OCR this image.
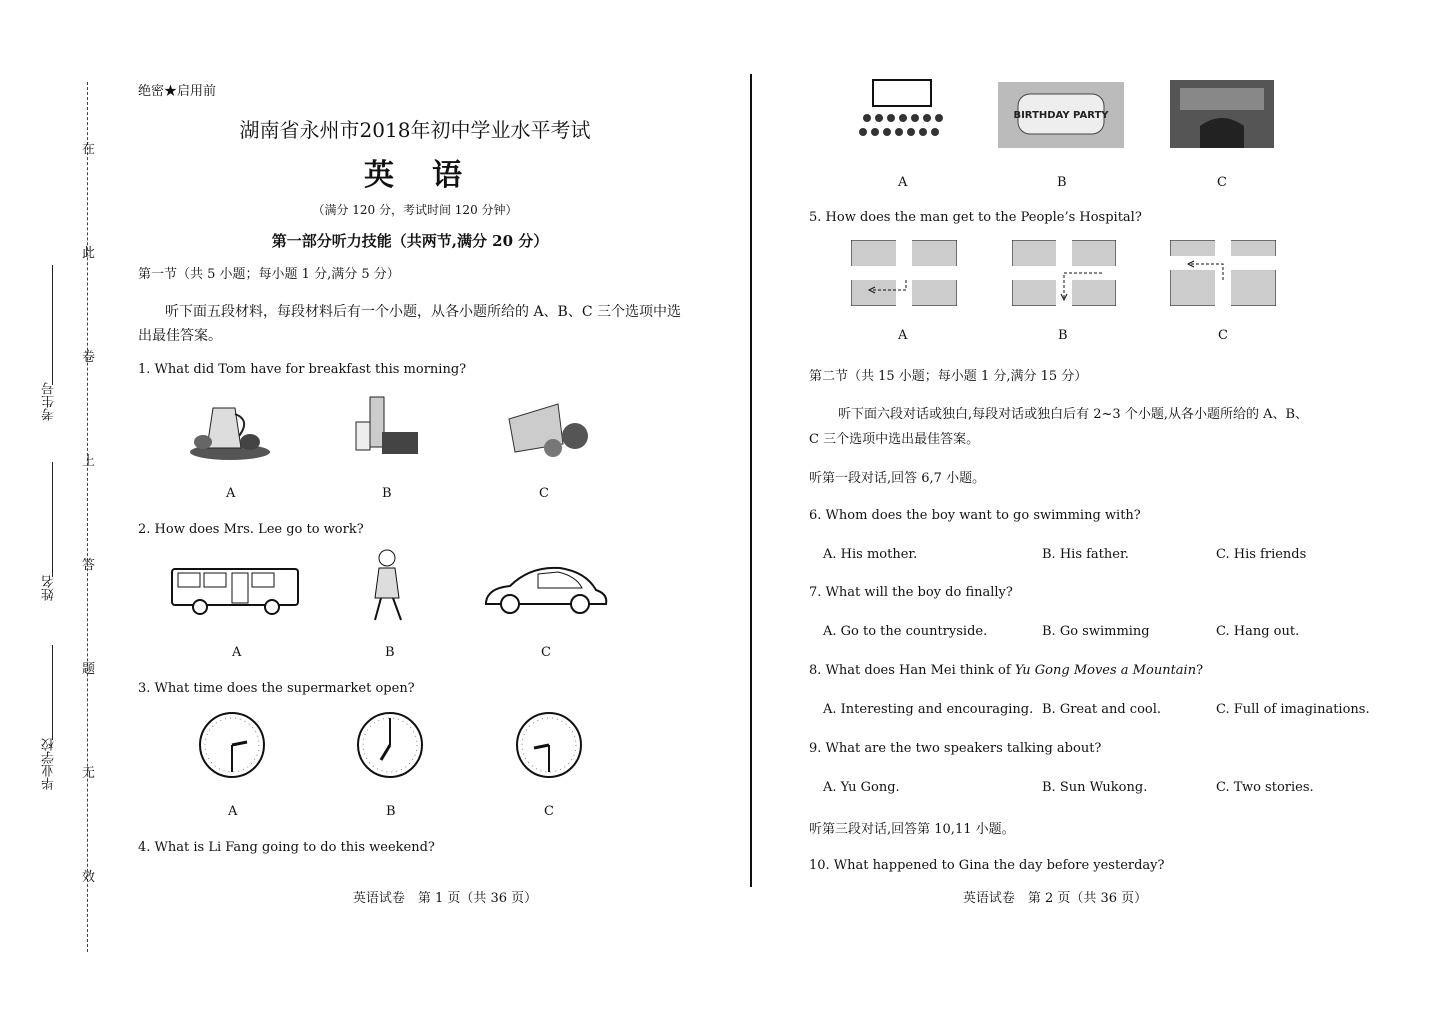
在
此
卷
上
答
题
无
效
考生号
姓名
毕业学校
绝密★启用前
湖南省永州市2018年初中学业水平考试
英　语
（满分 120 分，考试时间 120 分钟）
第一部分听力技能（共两节,满分 20 分）
第一节（共 5 小题；每小题 1 分,满分 5 分）
听下面五段材料，每段材料后有一个小题，从各小题所给的 A、B、C 三个选项中选
出最佳答案。
1. What did Tom have for breakfast this morning?
A	B	C
2. How does Mrs. Lee go to work?
A	B	C
3. What time does the supermarket open?
A	B	C
4. What is Li Fang going to do this weekend?
英语试卷　第 1 页（共 36 页）
BIRTHDAY PARTY
A	B	C
5. How does the man get to the People’s Hospital?
A	B	C
第二节（共 15 小题；每小题 1 分,满分 15 分）
听下面六段对话或独白,每段对话或独白后有 2~3 个小题,从各小题所给的 A、B、
C 三个选项中选出最佳答案。
听第一段对话,回答 6,7 小题。
6. Whom does the boy want to go swimming with?
A. His mother.	B. His father.	C. His friends
7. What will the boy do finally?
A. Go to the countryside.	B. Go swimming	C. Hang out.
8. What does Han Mei think of Yu Gong Moves a Mountain?
A. Interesting and encouraging. B. Great and cool.	C. Full of imaginations.
9. What are the two speakers talking about?
A. Yu Gong.	B. Sun Wukong.	C. Two stories.
听第三段对话,回答第 10,11 小题。
10. What happened to Gina the day before yesterday?
英语试卷　第 2 页（共 36 页）
